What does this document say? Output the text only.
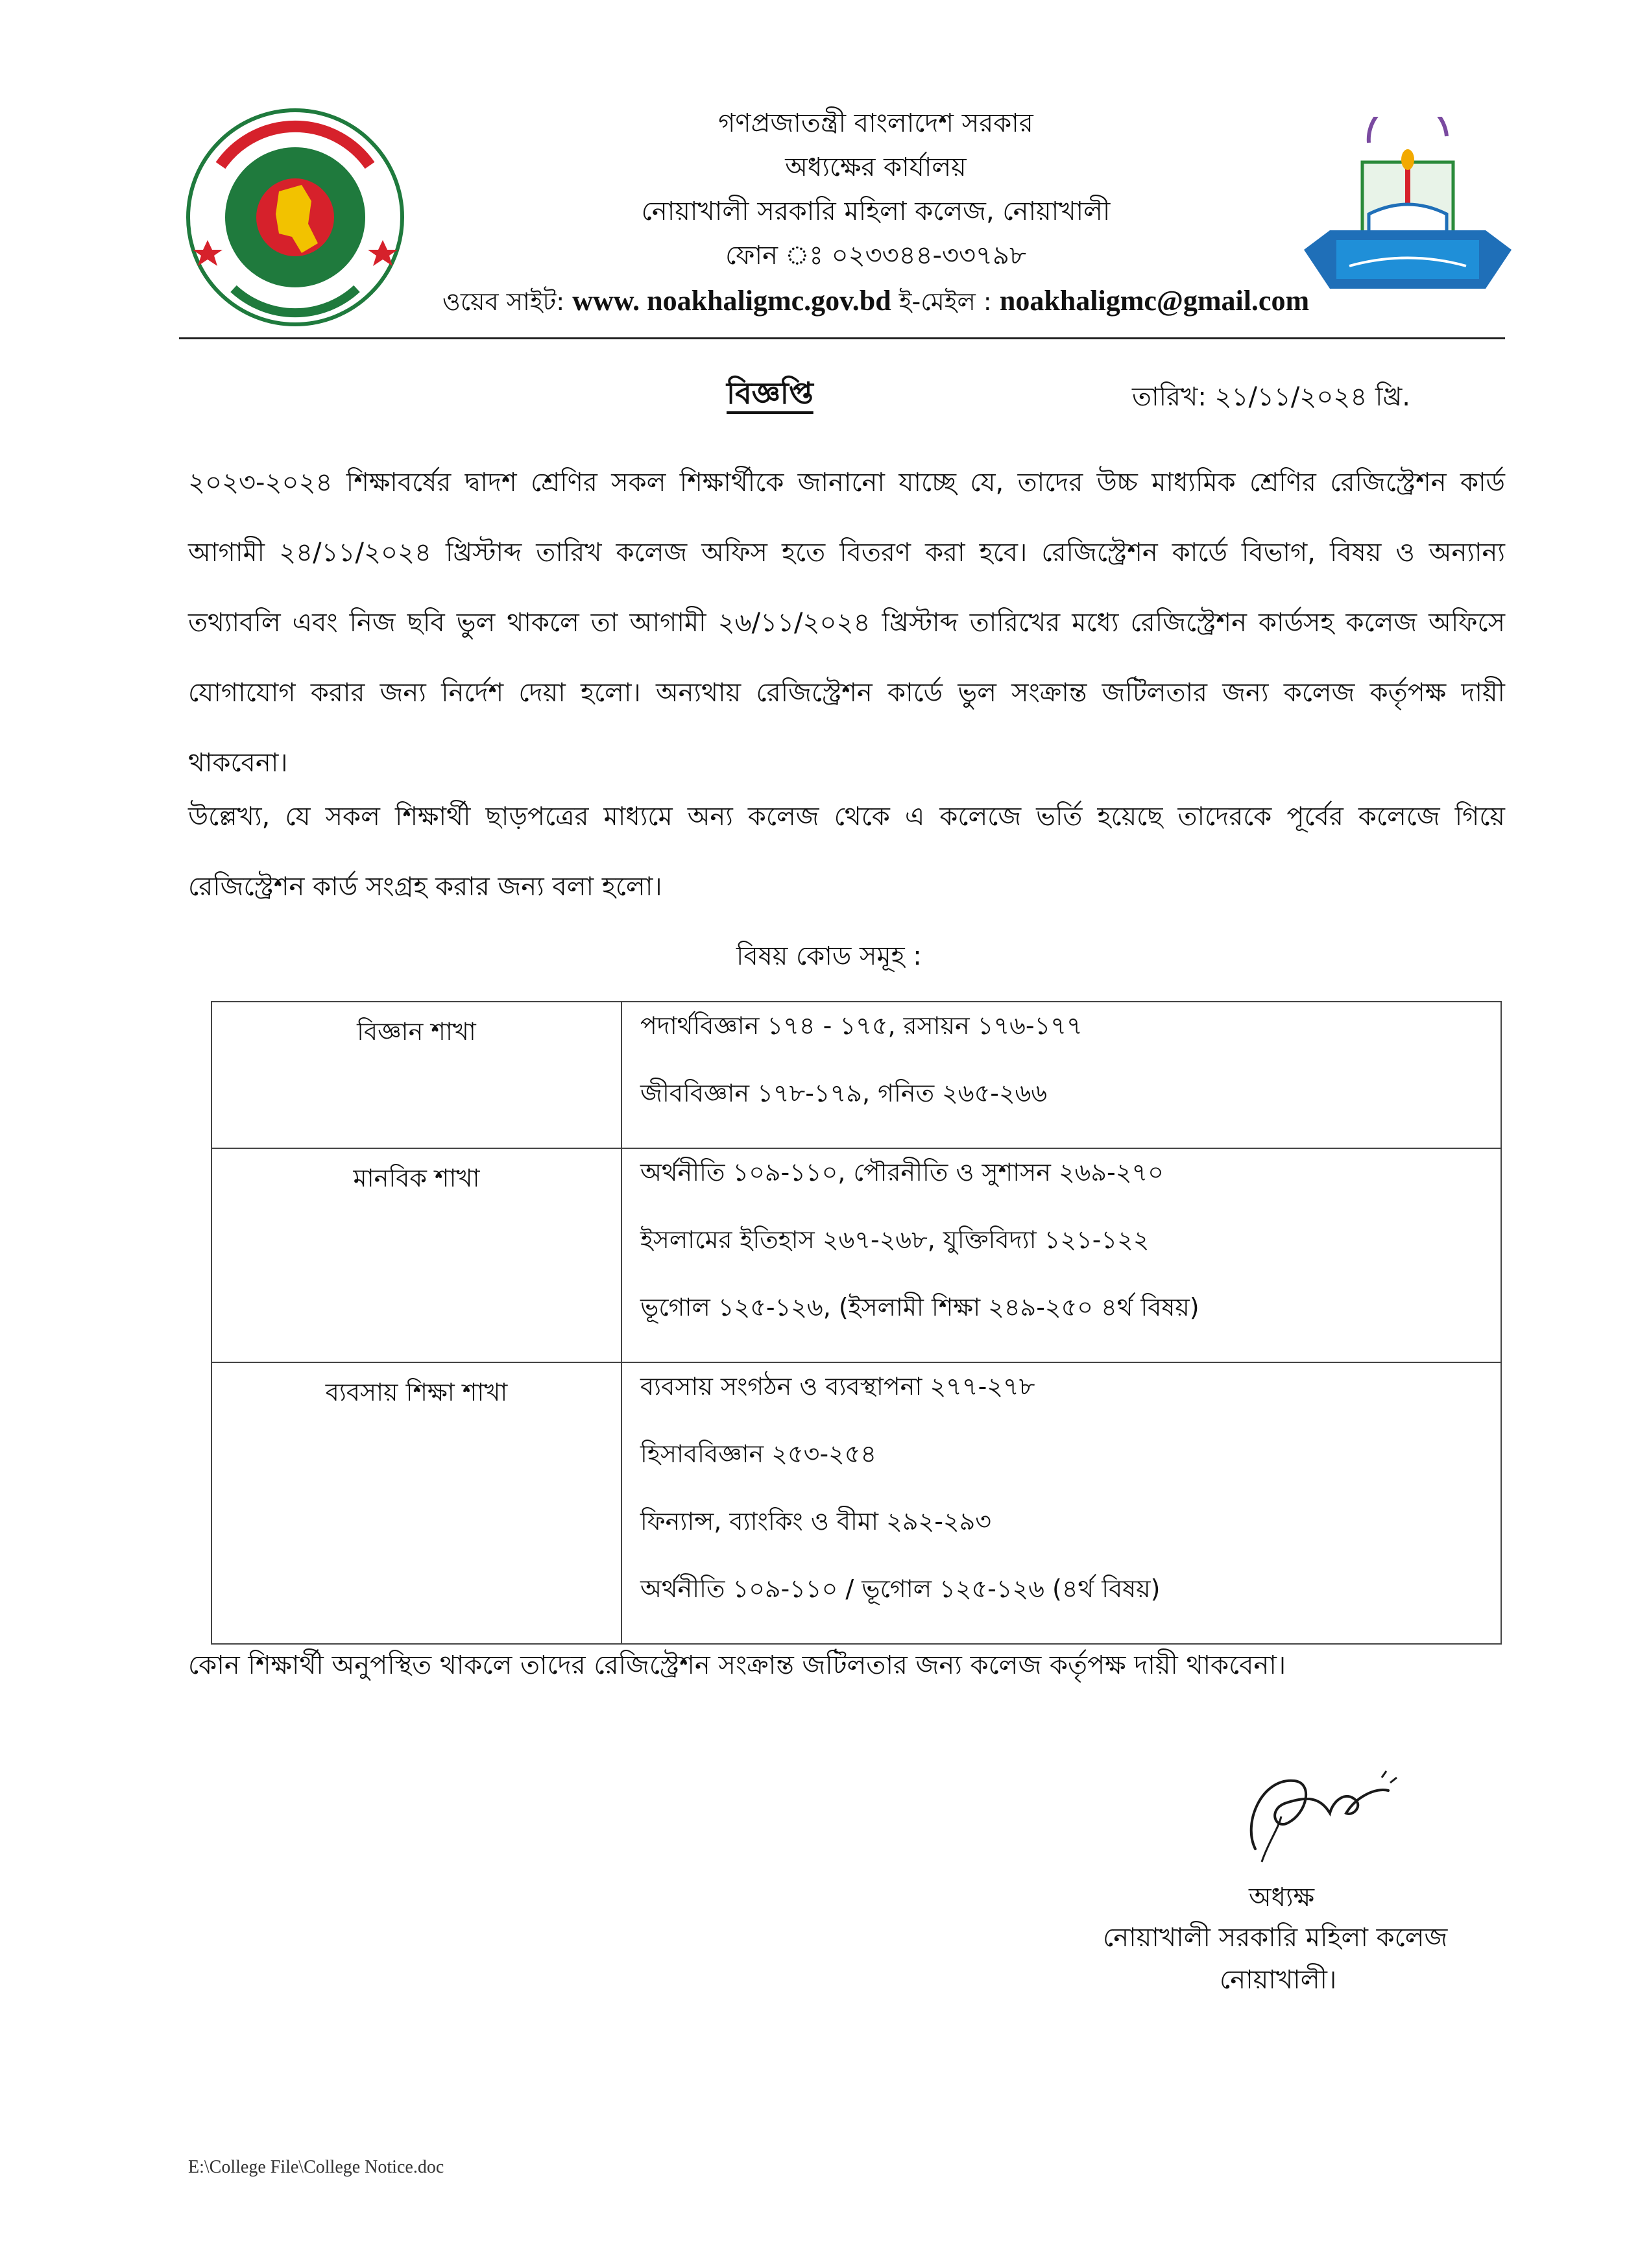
গণপ্রজাতন্ত্রী বাংলাদেশ সরকার
অধ্যক্ষের কার্যালয়
নোয়াখালী সরকারি মহিলা কলেজ, নোয়াখালী
ফোন ঃ ০২৩৩৪৪-৩৩৭৯৮
ওয়েব সাইট: www. noakhaligmc.gov.bd ই-মেইল : noakhaligmc@gmail.com
বিজ্ঞপ্তি	তারিখ: ২১/১১/২০২৪ খ্রি.
২০২৩-২০২৪ শিক্ষাবর্ষের দ্বাদশ শ্রেণির সকল শিক্ষার্থীকে জানানো যাচ্ছে যে, তাদের উচ্চ মাধ্যমিক শ্রেণির রেজিস্ট্রেশন কার্ড আগামী ২৪/১১/২০২৪ খ্রিস্টাব্দ তারিখ কলেজ অফিস হতে বিতরণ করা হবে। রেজিস্ট্রেশন কার্ডে বিভাগ, বিষয় ও অন্যান্য তথ্যাবলি এবং নিজ ছবি ভুল থাকলে তা আগামী ২৬/১১/২০২৪ খ্রিস্টাব্দ তারিখের মধ্যে রেজিস্ট্রেশন কার্ডসহ কলেজ অফিসে যোগাযোগ করার জন্য নির্দেশ দেয়া হলো। অন্যথায় রেজিস্ট্রেশন কার্ডে ভুল সংক্রান্ত জটিলতার জন্য কলেজ কর্তৃপক্ষ দায়ী থাকবেনা।
উল্লেখ্য, যে সকল শিক্ষার্থী ছাড়পত্রের মাধ্যমে অন্য কলেজ থেকে এ কলেজে ভর্তি হয়েছে তাদেরকে পূর্বের কলেজে গিয়ে রেজিস্ট্রেশন কার্ড সংগ্রহ করার জন্য বলা হলো।
বিষয় কোড সমূহ :
বিজ্ঞান শাখা	পদার্থবিজ্ঞান ১৭৪ - ১৭৫, রসায়ন ১৭৬-১৭৭
জীববিজ্ঞান ১৭৮-১৭৯, গনিত ২৬৫-২৬৬

মানবিক শাখা	অর্থনীতি ১০৯-১১০, পৌরনীতি ও সুশাসন ২৬৯-২৭০
ইসলামের ইতিহাস ২৬৭-২৬৮, যুক্তিবিদ্যা ১২১-১২২
ভূগোল ১২৫-১২৬, (ইসলামী শিক্ষা ২৪৯-২৫০ ৪র্থ বিষয়)

ব্যবসায় শিক্ষা শাখা	ব্যবসায় সংগঠন ও ব্যবস্থাপনা ২৭৭-২৭৮
হিসাববিজ্ঞান ২৫৩-২৫৪
ফিন্যান্স, ব্যাংকিং ও বীমা ২৯২-২৯৩
অর্থনীতি ১০৯-১১০ / ভূগোল ১২৫-১২৬ (৪র্থ বিষয়)
কোন শিক্ষার্থী অনুপস্থিত থাকলে তাদের রেজিস্ট্রেশন সংক্রান্ত জটিলতার জন্য কলেজ কর্তৃপক্ষ দায়ী থাকবেনা।
অধ্যক্ষ
নোয়াখালী সরকারি মহিলা কলেজ
নোয়াখালী।
E:\College File\College Notice.doc
